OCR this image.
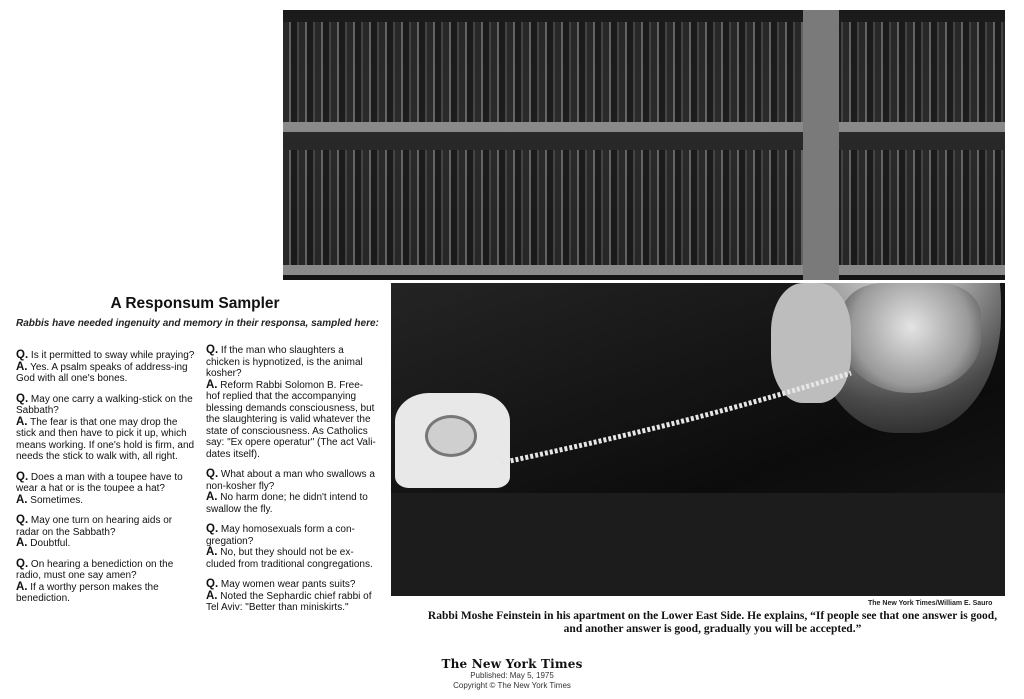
The New York Times/William E. Sauro
Rabbi Moshe Feinstein in his apartment on the Lower East Side. He explains, “If people see that one answer is good, and another answer is good, gradually you will be accepted.”
A Responsum Sampler
Rabbis have needed ingenuity and memory in their responsa, sampled here:

Q. Is it permitted to sway while praying?

A. Yes. A psalm speaks of address-ing God with all one's bones.

Q. May one carry a walking-stick on the Sabbath?

A. The fear is that one may drop the stick and then have to pick it up, which means working. If one's hold is firm, and needs the stick to walk with, all right.

Q. Does a man with a toupee have to wear a hat or is the toupee a hat?

A. Sometimes.

Q. May one turn on hearing aids or radar on the Sabbath?

A. Doubtful.

Q. On hearing a benediction on the radio, must one say amen?

A. If a worthy person makes the benediction.

Q. If the man who slaughters a chicken is hypnotized, is the animal kosher?

A. Reform Rabbi Solomon B. Free-hof replied that the accompanying blessing demands consciousness, but the slaughtering is valid whatever the state of consciousness. As Catholics say: "Ex opere operatur" (The act Vali-dates itself).

Q. What about a man who swallows a non-kosher fly?

A. No harm done; he didn't intend to swallow the fly.

Q. May homosexuals form a con-gregation?

A. No, but they should not be ex-cluded from traditional congregations.

Q. May women wear pants suits?

A. Noted the Sephardic chief rabbi of Tel Aviv: "Better than miniskirts."

The New York Times
Published: May 5, 1975
Copyright © The New York Times
